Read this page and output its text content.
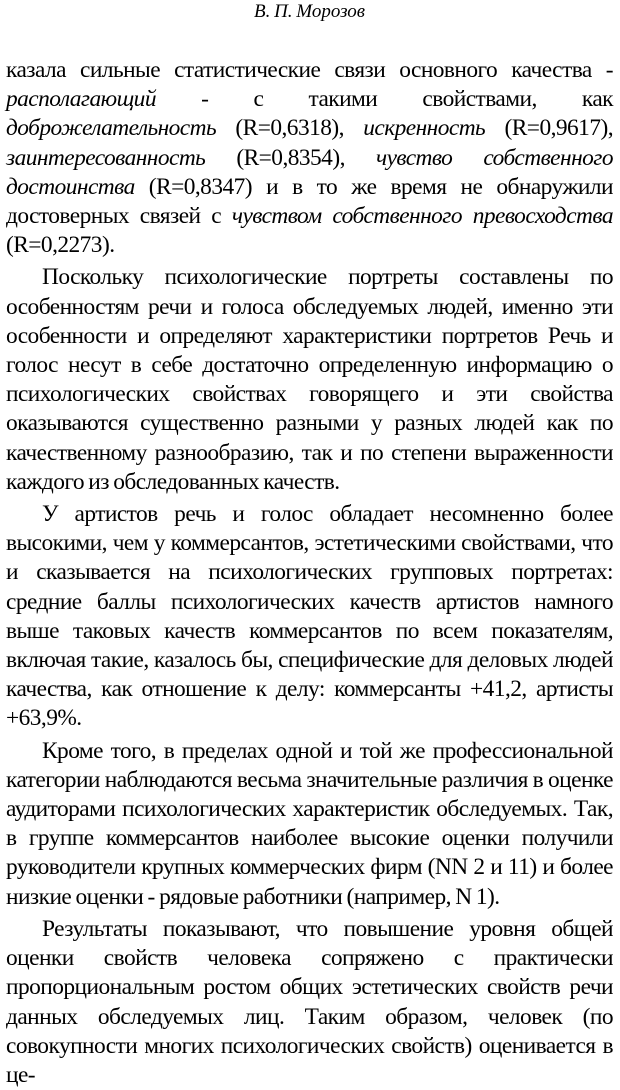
В. П. Морозов

казала сильные статистические связи основного качества - располагающий - с такими свойствами, как доброжелательность (R=0,6318), искренность (R=0,9617), заинтересованность (R=0,8354), чувство собственного достоинства (R=0,8347) и в то же время не обнаружили достоверных связей с чувством собственного превосходства (R=0,2273).

Поскольку психологические портреты составлены по особенностям речи и голоса обследуемых людей, именно эти особенности и определяют характеристики портретов Речь и голос несут в себе достаточно определенную информацию о психологических свойствах говорящего и эти свойства оказываются существенно разными у разных людей как по качественному разнообразию, так и по степени выраженности каждого из обследованных качеств.

У артистов речь и голос обладает несомненно более высокими, чем у коммерсантов, эстетическими свойствами, что и сказывается на психологических групповых портретах: средние баллы психологических качеств артистов намного выше таковых качеств коммерсантов по всем показателям, включая такие, казалось бы, специфические для деловых людей качества, как отношение к делу: коммерсанты +41,2, артисты +63,9%.

Кроме того, в пределах одной и той же профессиональной категории наблюдаются весьма значительные различия в оценке аудиторами психологических характеристик обследуемых. Так, в группе коммерсантов наиболее высокие оценки получили руководители крупных коммерческих фирм (NN 2 и 11) и более низкие оценки - рядовые работники (например, N 1).

Результаты показывают, что повышение уровня общей оценки свойств человека сопряжено с практически пропорциональным ростом общих эстетических свойств речи данных обследуемых лиц. Таким образом, человек (по совокупности многих психологических свойств) оценивается в це-
